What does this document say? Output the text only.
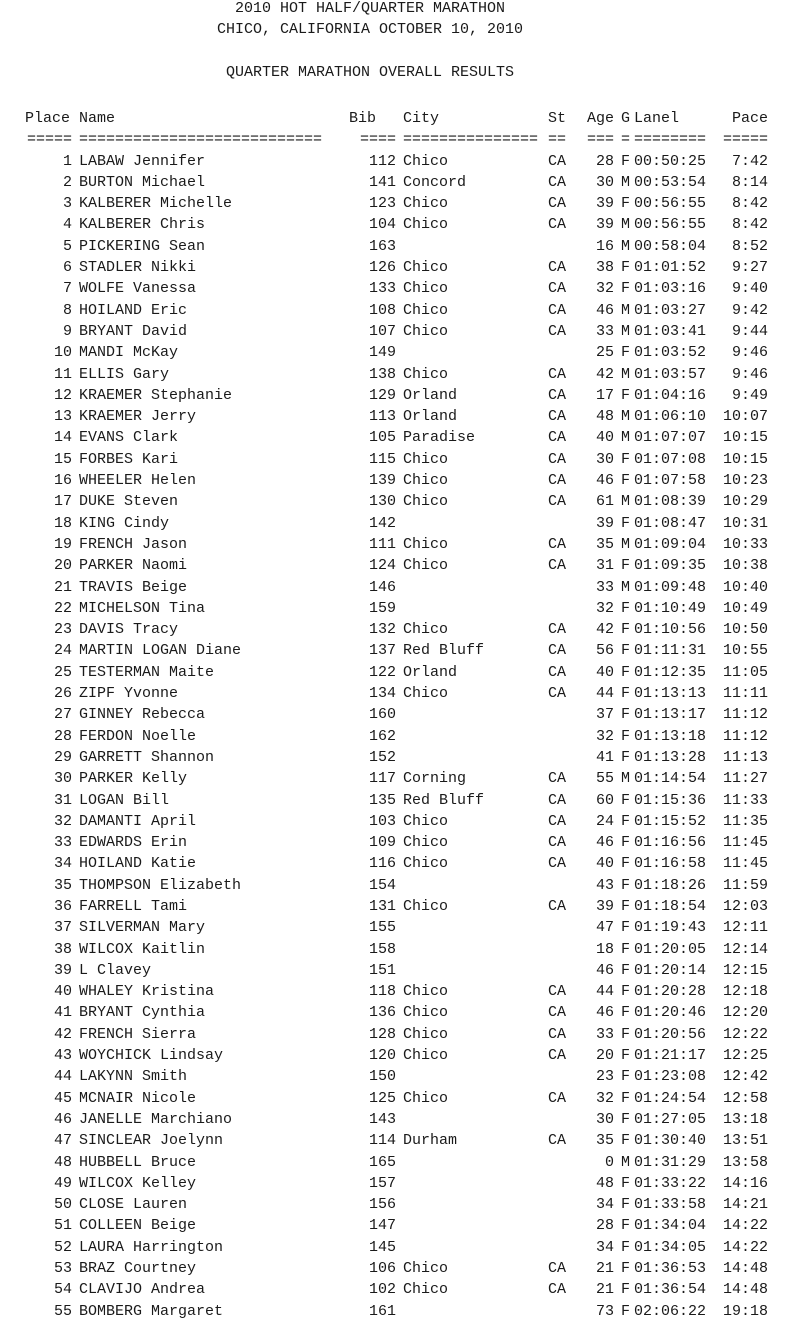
2010 HOT HALF/QUARTER MARATHON
CHICO, CALIFORNIA OCTOBER 10, 2010
QUARTER MARATHON OVERALL RESULTS
Place		Name	Bib		City	St	Age		G	Lanel	Pace
=====		===========================	====		===============	==	===		=	========	=====
1		LABAW Jennifer	112		Chico	CA	28		F	00:50:25	7:42
2		BURTON Michael	141		Concord	CA	30		M	00:53:54	8:14
3		KALBERER Michelle	123		Chico	CA	39		F	00:56:55	8:42
4		KALBERER Chris	104		Chico	CA	39		M	00:56:55	8:42
5		PICKERING Sean	163				16		M	00:58:04	8:52
6		STADLER Nikki	126		Chico	CA	38		F	01:01:52	9:27
7		WOLFE Vanessa	133		Chico	CA	32		F	01:03:16	9:40
8		HOILAND Eric	108		Chico	CA	46		M	01:03:27	9:42
9		BRYANT David	107		Chico	CA	33		M	01:03:41	9:44
10		MANDI McKay	149				25		F	01:03:52	9:46
11		ELLIS Gary	138		Chico	CA	42		M	01:03:57	9:46
12		KRAEMER Stephanie	129		Orland	CA	17		F	01:04:16	9:49
13		KRAEMER Jerry	113		Orland	CA	48		M	01:06:10	10:07
14		EVANS Clark	105		Paradise	CA	40		M	01:07:07	10:15
15		FORBES Kari	115		Chico	CA	30		F	01:07:08	10:15
16		WHEELER Helen	139		Chico	CA	46		F	01:07:58	10:23
17		DUKE Steven	130		Chico	CA	61		M	01:08:39	10:29
18		KING Cindy	142				39		F	01:08:47	10:31
19		FRENCH Jason	111		Chico	CA	35		M	01:09:04	10:33
20		PARKER Naomi	124		Chico	CA	31		F	01:09:35	10:38
21		TRAVIS Beige	146				33		M	01:09:48	10:40
22		MICHELSON Tina	159				32		F	01:10:49	10:49
23		DAVIS Tracy	132		Chico	CA	42		F	01:10:56	10:50
24		MARTIN LOGAN Diane	137		Red Bluff	CA	56		F	01:11:31	10:55
25		TESTERMAN Maite	122		Orland	CA	40		F	01:12:35	11:05
26		ZIPF Yvonne	134		Chico	CA	44		F	01:13:13	11:11
27		GINNEY Rebecca	160				37		F	01:13:17	11:12
28		FERDON Noelle	162				32		F	01:13:18	11:12
29		GARRETT Shannon	152				41		F	01:13:28	11:13
30		PARKER Kelly	117		Corning	CA	55		M	01:14:54	11:27
31		LOGAN Bill	135		Red Bluff	CA	60		F	01:15:36	11:33
32		DAMANTI April	103		Chico	CA	24		F	01:15:52	11:35
33		EDWARDS Erin	109		Chico	CA	46		F	01:16:56	11:45
34		HOILAND Katie	116		Chico	CA	40		F	01:16:58	11:45
35		THOMPSON Elizabeth	154				43		F	01:18:26	11:59
36		FARRELL Tami	131		Chico	CA	39		F	01:18:54	12:03
37		SILVERMAN Mary	155				47		F	01:19:43	12:11
38		WILCOX Kaitlin	158				18		F	01:20:05	12:14
39		L Clavey	151				46		F	01:20:14	12:15
40		WHALEY Kristina	118		Chico	CA	44		F	01:20:28	12:18
41		BRYANT Cynthia	136		Chico	CA	46		F	01:20:46	12:20
42		FRENCH Sierra	128		Chico	CA	33		F	01:20:56	12:22
43		WOYCHICK Lindsay	120		Chico	CA	20		F	01:21:17	12:25
44		LAKYNN Smith	150				23		F	01:23:08	12:42
45		MCNAIR Nicole	125		Chico	CA	32		F	01:24:54	12:58
46		JANELLE Marchiano	143				30		F	01:27:05	13:18
47		SINCLEAR Joelynn	114		Durham	CA	35		F	01:30:40	13:51
48		HUBBELL Bruce	165				0		M	01:31:29	13:58
49		WILCOX Kelley	157				48		F	01:33:22	14:16
50		CLOSE Lauren	156				34		F	01:33:58	14:21
51		COLLEEN Beige	147				28		F	01:34:04	14:22
52		LAURA Harrington	145				34		F	01:34:05	14:22
53		BRAZ Courtney	106		Chico	CA	21		F	01:36:53	14:48
54		CLAVIJO Andrea	102		Chico	CA	21		F	01:36:54	14:48
55		BOMBERG Margaret	161				73		F	02:06:22	19:18
